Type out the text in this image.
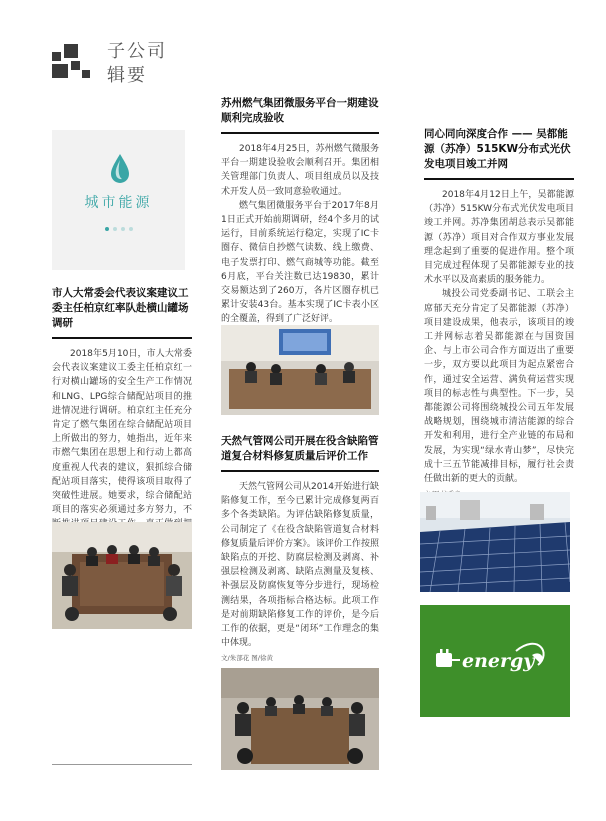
子公司
辑要
城市能源
市人大常委会代表议案建议工委主任柏京红率队赴横山罐场调研

2018年5月10日，市人大常委会代表议案建议工委主任柏京红一行对横山罐场的安全生产工作情况和LNG、LPG综合储配站项目的推进情况进行调研。柏京红主任充分肯定了燃气集团在综合储配站项目上所做出的努力，她指出，近年来市燃气集团在思想上和行动上都高度重视人代表的建议，狠抓综合储配站项目落实，使得该项目取得了突破性进展。她要求，综合储配站项目的落实必须通过多方努力，不

苏州燃气集团微服务平台一期建设顺利完成验收

2018年4月25日，苏州燃气微服务平台一期建设验收会顺利召开。集团相关管理部门负责人、项目组成员以及技术开发人员一致同意验收通过。

燃气集团微服务平台于2017年8月1日正式开始前期调研，经4个多月的试运行，目前系统运行稳定，实现了IC卡圈存、微信自抄燃气读数、线上缴费、电子发票打印、燃气商城等功能。截至6月底，平台关注数已达19830，累计交易额达到了260万，各片区圈存机已累计安装43台。基本实现了IC卡表小区的全覆盖，得到了广泛好评。

天然气管网公司开展在役含缺陷管道复合材料修复质量后评价工作

天然气管网公司从2014开始进行缺陷修复工作，至今已累计完成修复两百多个各类缺陷。为评估缺陷修复质量，公司制定了《在役含缺陷管道复合材料修复质量后评价方案》。该评价工作按照缺陷点的开挖、防腐层检测及剥离、补强层检测及剥离、缺陷点测量及复核、补强层及防腐恢复等分步进行，现场检测结果，各项指标合格达标。此项工作是对前期缺陷修复工作的评价，是今后工作的依据，更是“闭环”工作理念的集中体现。

文/朱部花 图/徐黄
同心同向深度合作 —— 吴都能源（苏净）515KW分布式光伏发电项目竣工并网

2018年4月12日上午，吴都能源（苏净）515KW分布式光伏发电项目竣工并网。苏净集团胡总表示吴都能源（苏净）项目对合作双方事业发展理念起到了重要的促进作用。整个项目完成过程体现了吴都能源专业的技术水平以及高素质的服务能力。

城投公司党委副书记、工联会主席郁天充分肯定了吴都能源（苏净）项目建设成果，他表示，该项目的竣工并网标志着吴都能源在与国资国企、与上市公司合作方面迈出了重要一步，双方要以此项目为起点紧密合作，通过安全运营、满负荷运营实现项目的标志性与典型性。下一步，吴都能源公司将围绕城投公司五年发展战略规划，围绕城市清洁能源的综合开发和利用，进行全产业链的布局和发展，为实现“绿水青山梦”，尽快完成十三五节能减排目标，履行社会责任做出新的更大的贡献。

energy
